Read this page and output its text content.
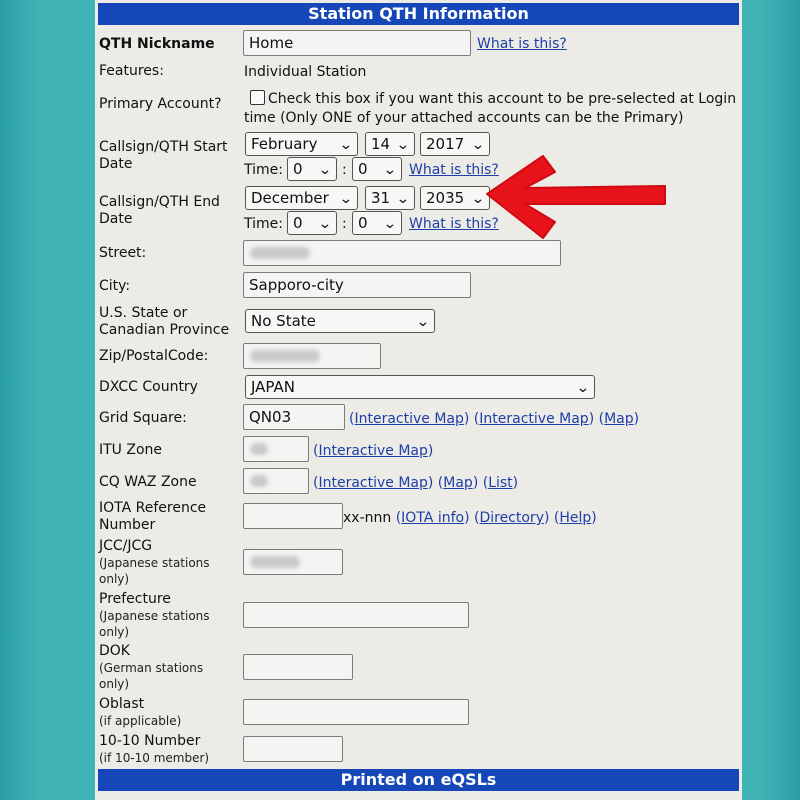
Station QTH Information
QTH Nickname	Home	What is this?
Features:	Individual Station
Primary Account?	Check this box if you want this account to be pre-selected at Login
time (Only ONE of your attached accounts can be the Primary)
Callsign/QTH Start
Date
February ⌄	14 ⌄	2017 ⌄
Time: 0 ⌄ : 0 ⌄ What is this?
Callsign/QTH End
Date
December ⌄	31 ⌄	2035 ⌄
Time: 0 ⌄ : 0 ⌄ What is this?
Street:
City:	Sapporo-city
U.S. State or
Canadian Province	No State	⌄
Zip/PostalCode:
DXCC Country	JAPAN	⌄
Grid Square:	QN03	(Interactive Map) (Interactive Map) (Map)
ITU Zone	(Interactive Map)
CQ WAZ Zone	(Interactive Map) (Map) (List)
IOTA Reference
Number	xx-nnn (IOTA info) (Directory) (Help)
JCC/JCG
(Japanese stations
only)
Prefecture
(Japanese stations
only)
DOK
(German stations
only)
Oblast
(if applicable)
10-10 Number
(if 10-10 member)
Printed on eQSLs
